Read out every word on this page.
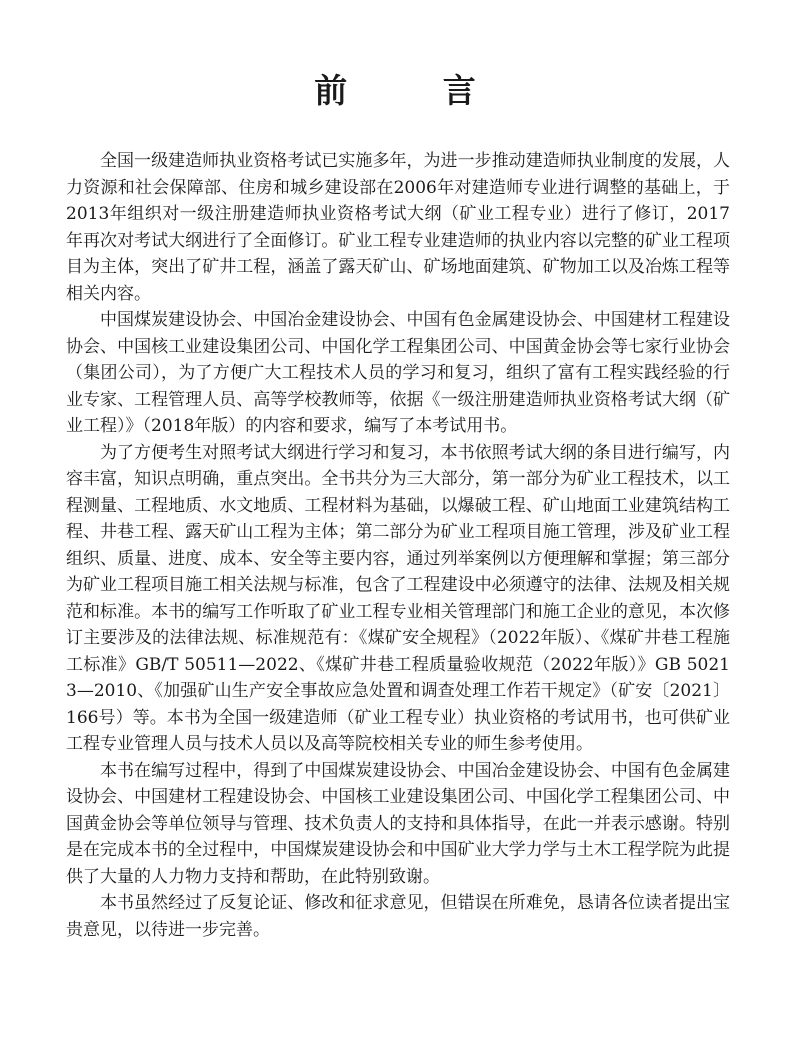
前 言

全国一级建造师执业资格考试已实施多年，为进一步推动建造师执业制度的发展，人力资源和社会保障部、住房和城乡建设部在2006年对建造师专业进行调整的基础上，于2013年组织对一级注册建造师执业资格考试大纲（矿业工程专业）进行了修订，2017年再次对考试大纲进行了全面修订。矿业工程专业建造师的执业内容以完整的矿业工程项目为主体，突出了矿井工程，涵盖了露天矿山、矿场地面建筑、矿物加工以及冶炼工程等相关内容。

中国煤炭建设协会、中国冶金建设协会、中国有色金属建设协会、中国建材工程建设协会、中国核工业建设集团公司、中国化学工程集团公司、中国黄金协会等七家行业协会（集团公司），为了方便广大工程技术人员的学习和复习，组织了富有工程实践经验的行业专家、工程管理人员、高等学校教师等，依据《一级注册建造师执业资格考试大纲（矿业工程）》（2018年版）的内容和要求，编写了本考试用书。

为了方便考生对照考试大纲进行学习和复习，本书依照考试大纲的条目进行编写，内容丰富，知识点明确，重点突出。全书共分为三大部分，第一部分为矿业工程技术，以工程测量、工程地质、水文地质、工程材料为基础，以爆破工程、矿山地面工业建筑结构工程、井巷工程、露天矿山工程为主体；第二部分为矿业工程项目施工管理，涉及矿业工程组织、质量、进度、成本、安全等主要内容，通过列举案例以方便理解和掌握；第三部分为矿业工程项目施工相关法规与标准，包含了工程建设中必须遵守的法律、法规及相关规范和标准。本书的编写工作听取了矿业工程专业相关管理部门和施工企业的意见，本次修订主要涉及的法律法规、标准规范有：《煤矿安全规程》（2022年版）、《煤矿井巷工程施工标准》GB/T 50511—2022、《煤矿井巷工程质量验收规范（2022年版）》GB 50213—2010、《加强矿山生产安全事故应急处置和调查处理工作若干规定》（矿安〔2021〕166号）等。本书为全国一级建造师（矿业工程专业）执业资格的考试用书，也可供矿业工程专业管理人员与技术人员以及高等院校相关专业的师生参考使用。

本书在编写过程中，得到了中国煤炭建设协会、中国冶金建设协会、中国有色金属建设协会、中国建材工程建设协会、中国核工业建设集团公司、中国化学工程集团公司、中国黄金协会等单位领导与管理、技术负责人的支持和具体指导，在此一并表示感谢。特别是在完成本书的全过程中，中国煤炭建设协会和中国矿业大学力学与土木工程学院为此提供了大量的人力物力支持和帮助，在此特别致谢。

本书虽然经过了反复论证、修改和征求意见，但错误在所难免，恳请各位读者提出宝贵意见，以待进一步完善。
